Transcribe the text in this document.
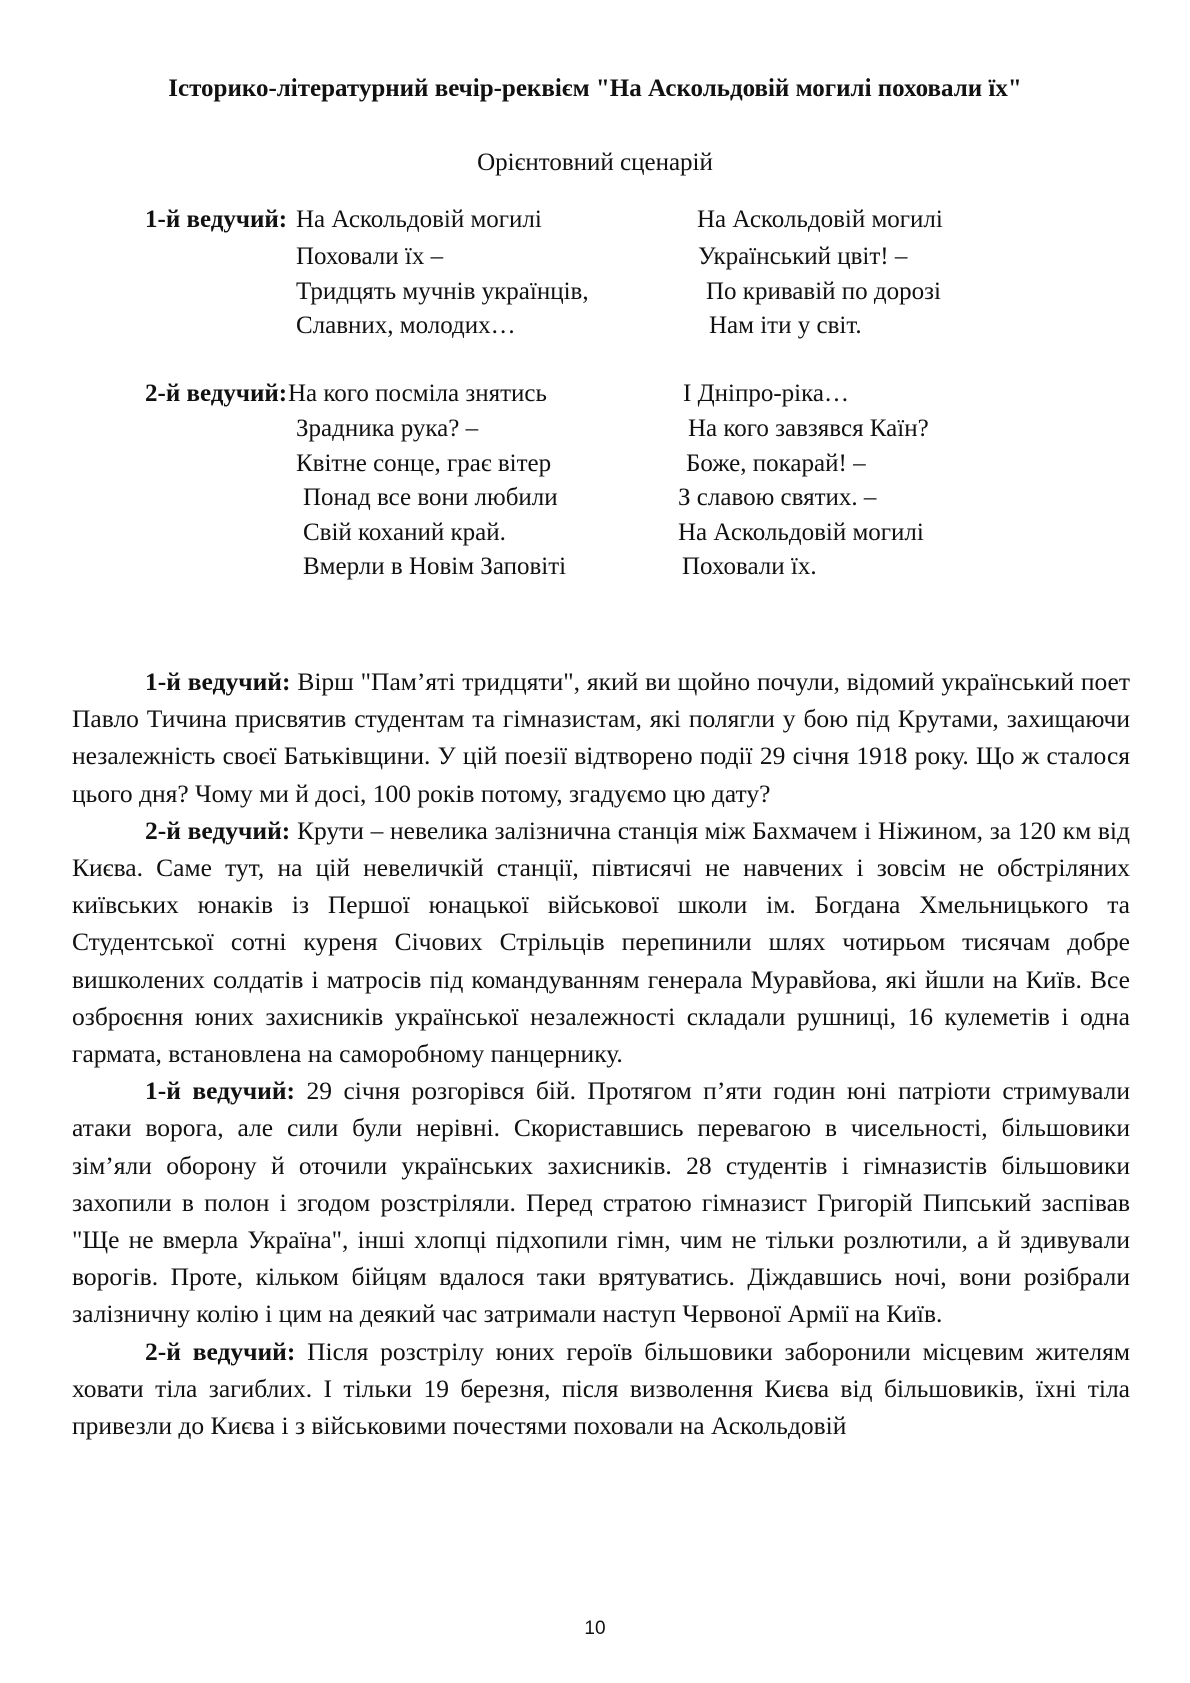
Історико-літературний вечір-реквієм "На Аскольдовій могилі поховали їх"
Орієнтовний сценарій
1-й ведучий: На Аскольдовій могилі
Поховали їх –
Тридцять мучнів українців,
Славних, молодих…
На Аскольдовій могилі
Український цвіт! –
По кривавій по дорозі
Нам іти у світ.
2-й ведучий: На кого посміла знятись
Зрадника рука? –
Квітне сонце, грає вітер
Понад все вони любили
Свій коханий край.
Вмерли в Новім Заповіті
І Дніпро-ріка…
На кого завзявся Каїн?
Боже, покарай! –
З славою святих. –
На Аскольдовій могилі
Поховали їх.

1-й ведучий: Вірш "Пам’яті тридцяти", який ви щойно почули, відомий український поет Павло Тичина присвятив студентам та гімназистам, які полягли у бою під Крутами, захищаючи незалежність своєї Батьківщини. У цій поезії відтворено події 29 січня 1918 року. Що ж сталося цього дня? Чому ми й досі, 100 років потому, згадуємо цю дату?

2-й ведучий: Крути – невелика залізнична станція між Бахмачем і Ніжином, за 120 км від Києва. Саме тут, на цій невеличкій станції, півтисячі не навчених і зовсім не обстріляних київських юнаків із Першої юнацької військової школи ім. Богдана Хмельницького та Студентської сотні куреня Січових Стрільців перепинили шлях чотирьом тисячам добре вишколених солдатів і матросів під командуванням генерала Муравйова, які йшли на Київ. Все озброєння юних захисників української незалежності складали рушниці, 16 кулеметів і одна гармата, встановлена на саморобному панцернику.

1-й ведучий: 29 січня розгорівся бій. Протягом п’яти годин юні патріоти стримували атаки ворога, але сили були нерівні. Скориставшись перевагою в чисельності, більшовики зім’яли оборону й оточили українських захисників. 28 студентів і гімназистів більшовики захопили в полон і згодом розстріляли. Перед стратою гімназист Григорій Пипський заспівав "Ще не вмерла Україна", інші хлопці підхопили гімн, чим не тільки розлютили, а й здивували ворогів. Проте, кільком бійцям вдалося таки врятуватись. Діждавшись ночі, вони розібрали залізничну колію і цим на деякий час затримали наступ Червоної Армії на Київ.

2-й ведучий: Після розстрілу юних героїв більшовики заборонили місцевим жителям ховати тіла загиблих. І тільки 19 березня, після визволення Києва від більшовиків, їхні тіла привезли до Києва і з військовими почестями поховали на Аскольдовій

10
